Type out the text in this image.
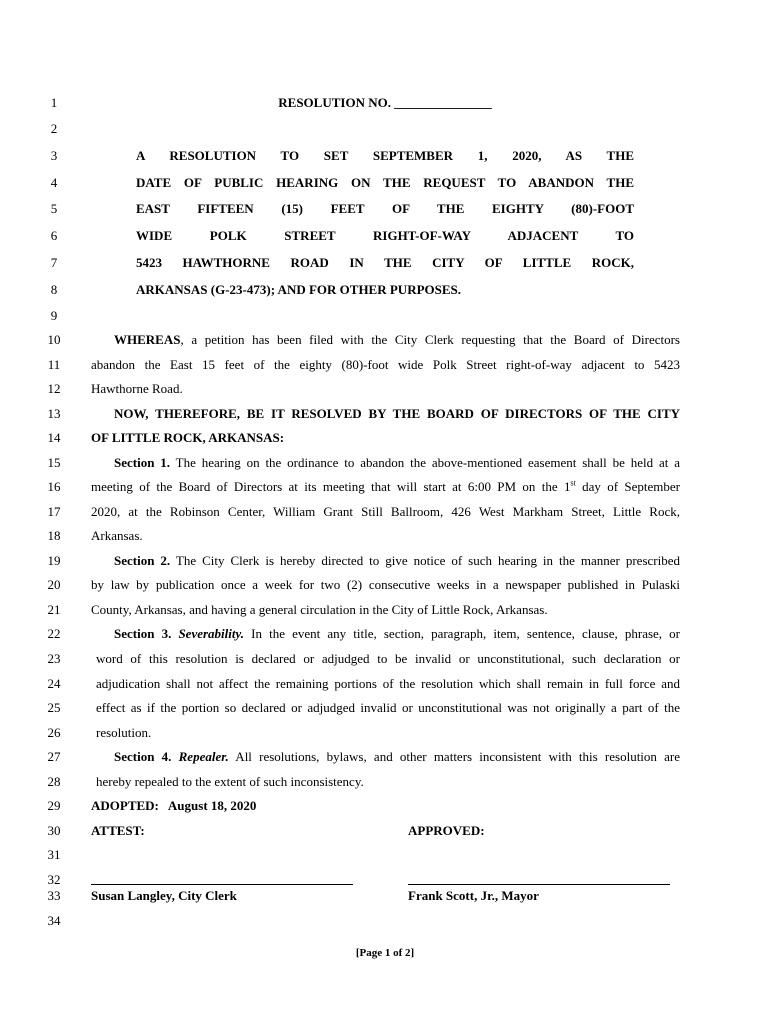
1
2
3
4
5
6
7
8
9
10
11
12
13
14
15
16
17
18
19
20
21
22
23
24
25
26
27
28
29
30
31
32
33
34
RESOLUTION NO. _______________
A RESOLUTION TO SET SEPTEMBER 1, 2020, AS THE
DATE OF PUBLIC HEARING ON THE REQUEST TO ABANDON THE
EAST FIFTEEN (15) FEET OF THE EIGHTY (80)-FOOT
WIDE POLK STREET RIGHT-OF-WAY ADJACENT TO
5423 HAWTHORNE ROAD IN THE CITY OF LITTLE ROCK,
ARKANSAS (G-23-473); AND FOR OTHER PURPOSES.
WHEREAS, a petition has been filed with the City Clerk requesting that the Board of Directors
abandon the East 15 feet of the eighty (80)-foot wide Polk Street right-of-way adjacent to 5423
Hawthorne Road.
NOW, THEREFORE, BE IT RESOLVED BY THE BOARD OF DIRECTORS OF THE CITY
OF LITTLE ROCK, ARKANSAS:
Section 1. The hearing on the ordinance to abandon the above-mentioned easement shall be held at a
meeting of the Board of Directors at its meeting that will start at 6:00 PM on the 1st day of September
2020, at the Robinson Center, William Grant Still Ballroom, 426 West Markham Street, Little Rock,
Arkansas.
Section 2. The City Clerk is hereby directed to give notice of such hearing in the manner prescribed
by law by publication once a week for two (2) consecutive weeks in a newspaper published in Pulaski
County, Arkansas, and having a general circulation in the City of Little Rock, Arkansas.
Section 3. Severability. In the event any title, section, paragraph, item, sentence, clause, phrase, or
word of this resolution is declared or adjudged to be invalid or unconstitutional, such declaration or
adjudication shall not affect the remaining portions of the resolution which shall remain in full force and
effect as if the portion so declared or adjudged invalid or unconstitutional was not originally a part of the
resolution.
Section 4. Repealer. All resolutions, bylaws, and other matters inconsistent with this resolution are
hereby repealed to the extent of such inconsistency.
ADOPTED:   August 18, 2020
ATTEST:	APPROVED:
Susan Langley, City Clerk	Frank Scott, Jr., Mayor
[Page 1 of 2]
